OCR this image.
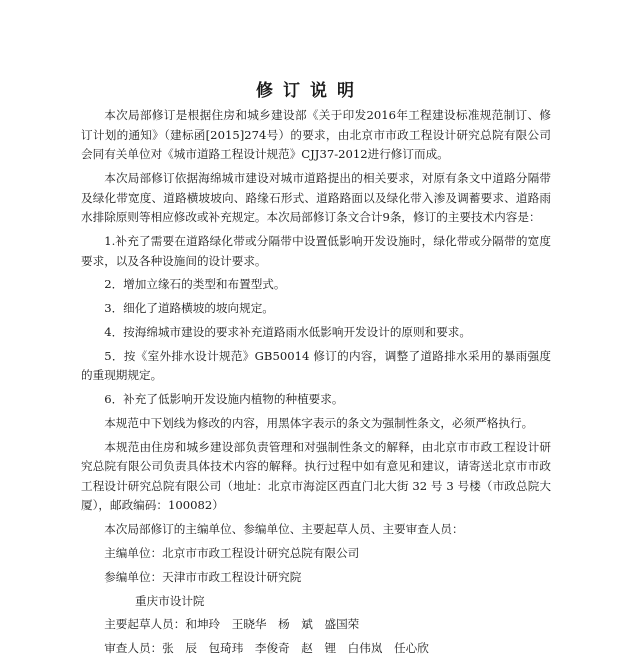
修订说明

本次局部修订是根据住房和城乡建设部《关于印发2016年工程建设标准规范制订、修订计划的通知》（建标函[2015]274号）的要求，由北京市市政工程设计研究总院有限公司会同有关单位对《城市道路工程设计规范》CJJ37-2012进行修订而成。

本次局部修订依据海绵城市建设对城市道路提出的相关要求，对原有条文中道路分隔带及绿化带宽度、道路横坡坡向、路缘石形式、道路路面以及绿化带入渗及调蓄要求、道路雨水排除原则等相应修改或补充规定。本次局部修订条文合计9条，修订的主要技术内容是：

1.补充了需要在道路绿化带或分隔带中设置低影响开发设施时，绿化带或分隔带的宽度要求，以及各种设施间的设计要求。

2．增加立缘石的类型和布置型式。

3．细化了道路横坡的坡向规定。

4．按海绵城市建设的要求补充道路雨水低影响开发设计的原则和要求。

5．按《室外排水设计规范》GB50014 修订的内容，调整了道路排水采用的暴雨强度的重现期规定。

6．补充了低影响开发设施内植物的种植要求。

本规范中下划线为修改的内容，用黑体字表示的条文为强制性条文，必须严格执行。

本规范由住房和城乡建设部负责管理和对强制性条文的解释，由北京市市政工程设计研究总院有限公司负责具体技术内容的解释。执行过程中如有意见和建议，请寄送北京市市政工程设计研究总院有限公司（地址：北京市海淀区西直门北大街 32 号 3 号楼（市政总院大厦），邮政编码：100082）

本次局部修订的主编单位、参编单位、主要起草人员、主要审查人员：

主编单位：北京市市政工程设计研究总院有限公司
参编单位：天津市市政工程设计研究院
重庆市设计院
主要起草人员：和坤玲　王晓华　杨　斌　盛国荣
审查人员：张　辰　包琦玮　李俊奇　赵　锂　白伟岚　任心欣
